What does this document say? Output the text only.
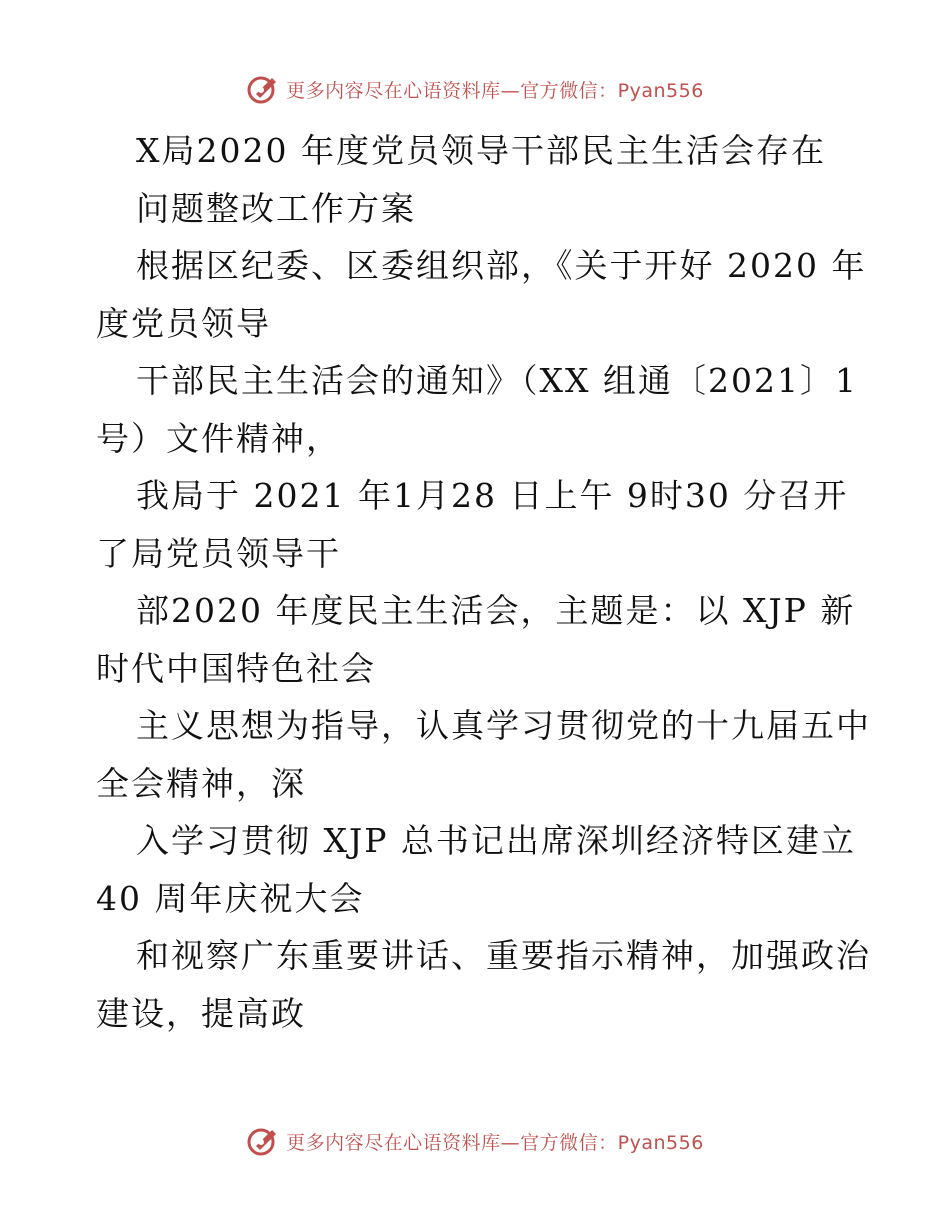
更多内容尽在心语资料库—官方微信：Pyan556
X局2020 年度党员领导干部民主生活会存在
问题整改工作方案
根据区纪委、区委组织部，《关于开好 2020 年
度党员领导
干部民主生活会的通知》（XX 组通〔2021〕1
号）文件精神，
我局于 2021 年1月28 日上午 9时30 分召开
了局党员领导干
部2020 年度民主生活会，主题是：以 XJP 新
时代中国特色社会
主义思想为指导，认真学习贯彻党的十九届五中
全会精神，深
入学习贯彻 XJP 总书记出席深圳经济特区建立
40 周年庆祝大会
和视察广东重要讲话、重要指示精神，加强政治
建设，提高政
更多内容尽在心语资料库—官方微信：Pyan556
